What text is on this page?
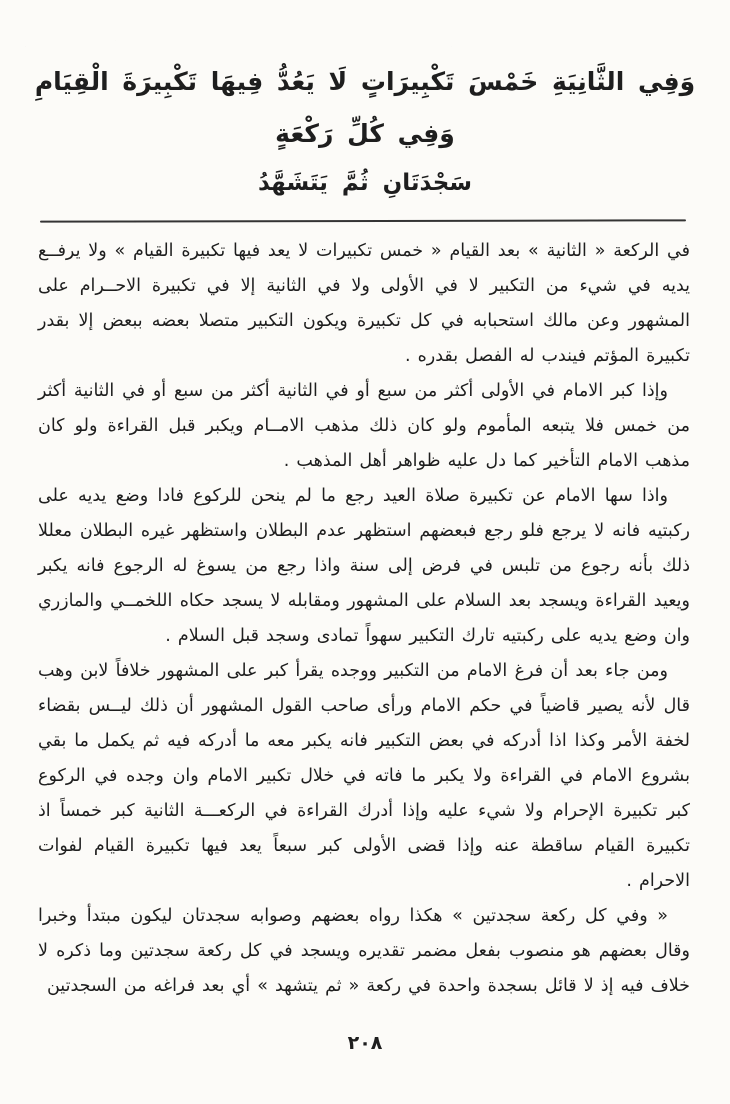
وَفِي الثَّانِيَةِ خَمْسَ تَكْبِيرَاتٍ لَا يَعُدُّ فِيهَا تَكْبِيرَةَ الْقِيَامِ وَفِي كُلِّ رَكْعَةٍ
سَجْدَتَانِ ثُمَّ يَتَشَهَّدُ

في الركعة « الثانية » بعد القيام « خمس تكبيرات لا يعد فيها تكبيرة القيام » ولا يرفــع يديه في شيء من التكبير لا في الأولى ولا في الثانية إلا في تكبيرة الاحــرام على المشهور وعن مالك استحبابه في كل تكبيرة ويكون التكبير متصلا بعضه ببعض إلا بقدر تكبيرة المؤتم فيندب له الفصل بقدره .

وإذا كبر الامام في الأولى أكثر من سبع أو في الثانية أكثر من سبع أو في الثانية أكثر من خمس فلا يتبعه المأموم ولو كان ذلك مذهب الامــام ويكبر قبل القراءة ولو كان مذهب الامام التأخير كما دل عليه ظواهر أهل المذهب .

واذا سها الامام عن تكبيرة صلاة العيد رجع ما لم ينحن للركوع فادا وضع يديه على ركبتيه فانه لا يرجع فلو رجع فبعضهم استظهر عدم البطلان واستظهر غيره البطلان معللا ذلك بأنه رجوع من تلبس في فرض إلى سنة واذا رجع من يسوغ له الرجوع فانه يكبر ويعيد القراءة ويسجد بعد السلام على المشهور ومقابله لا يسجد حكاه اللخمــي والمازري وان وضع يديه على ركبتيه تارك التكبير سهواً تمادى وسجد قبل السلام .

ومن جاء بعد أن فرغ الامام من التكبير ووجده يقرأ كبر على المشهور خلافاً لابن وهب قال لأنه يصير قاضياً في حكم الامام ورأى صاحب القول المشهور أن ذلك ليــس بقضاء لخفة الأمر وكذا اذا أدركه في بعض التكبير فانه يكبر معه ما أدركه فيه ثم يكمل ما بقي بشروع الامام في القراءة ولا يكبر ما فاته في خلال تكبير الامام وان وجده في الركوع كبر تكبيرة الإحرام ولا شيء عليه وإذا أدرك القراءة في الركعـــة الثانية كبر خمساً اذ تكبيرة القيام ساقطة عنه وإذا قضى الأولى كبر سبعاً يعد فيها تكبيرة القيام لفوات الاحرام .

« وفي كل ركعة سجدتين » هكذا رواه بعضهم وصوابه سجدتان ليكون مبتدأ وخبرا وقال بعضهم هو منصوب بفعل مضمر تقديره ويسجد في كل ركعة سجدتين وما ذكره لا خلاف فيه إذ لا قائل بسجدة واحدة في ركعة « ثم يتشهد » أي بعد فراغه من السجدتين

٢٠٨
